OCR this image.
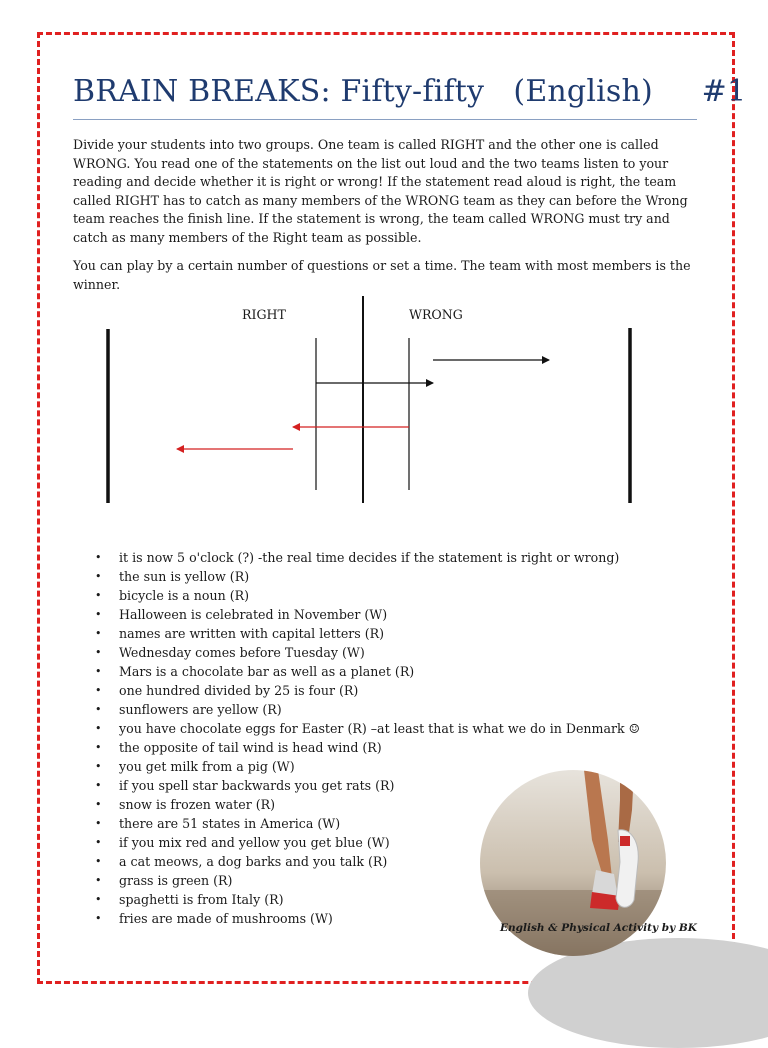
BRAIN BREAKS: Fifty-fifty   (English)     #1

Divide your students into two groups. One team is called RIGHT and the other one is called WRONG. You read one of the statements on the list out loud and the two teams listen to your reading and decide whether it is right or wrong! If the statement read aloud is right, the team called RIGHT has to catch as many members of the WRONG team as they can before the Wrong team reaches the finish line. If the statement is wrong, the team called WRONG must try and catch as many members of the Right team as possible.

You can play by a certain number of questions or set a time. The team with most members is the winner.

RIGHT	WRONG
• it is now 5 o'clock (?) -the real time decides if the statement is right or wrong)
• the sun is yellow (R)
• bicycle is a noun (R)
• Halloween is celebrated in November (W)
• names are written with capital letters (R)
• Wednesday comes before Tuesday (W)
• Mars is a chocolate bar as well as a planet (R)
• one hundred divided by 25 is four (R)
• sunflowers are yellow (R)
• you have chocolate eggs for Easter (R) –at least that is what we do in Denmark ☺
• the opposite of tail wind is head wind (R)
• you get milk from a pig (W)
• if you spell star backwards you get rats (R)
• snow is frozen water (R)
• there are 51 states in America (W)
• if you mix red and yellow you get blue (W)
• a cat meows, a dog barks and you talk (R)
• grass is green (R)
• spaghetti is from Italy (R)
• fries are made of mushrooms (W)
English & Physical Activity by BK
